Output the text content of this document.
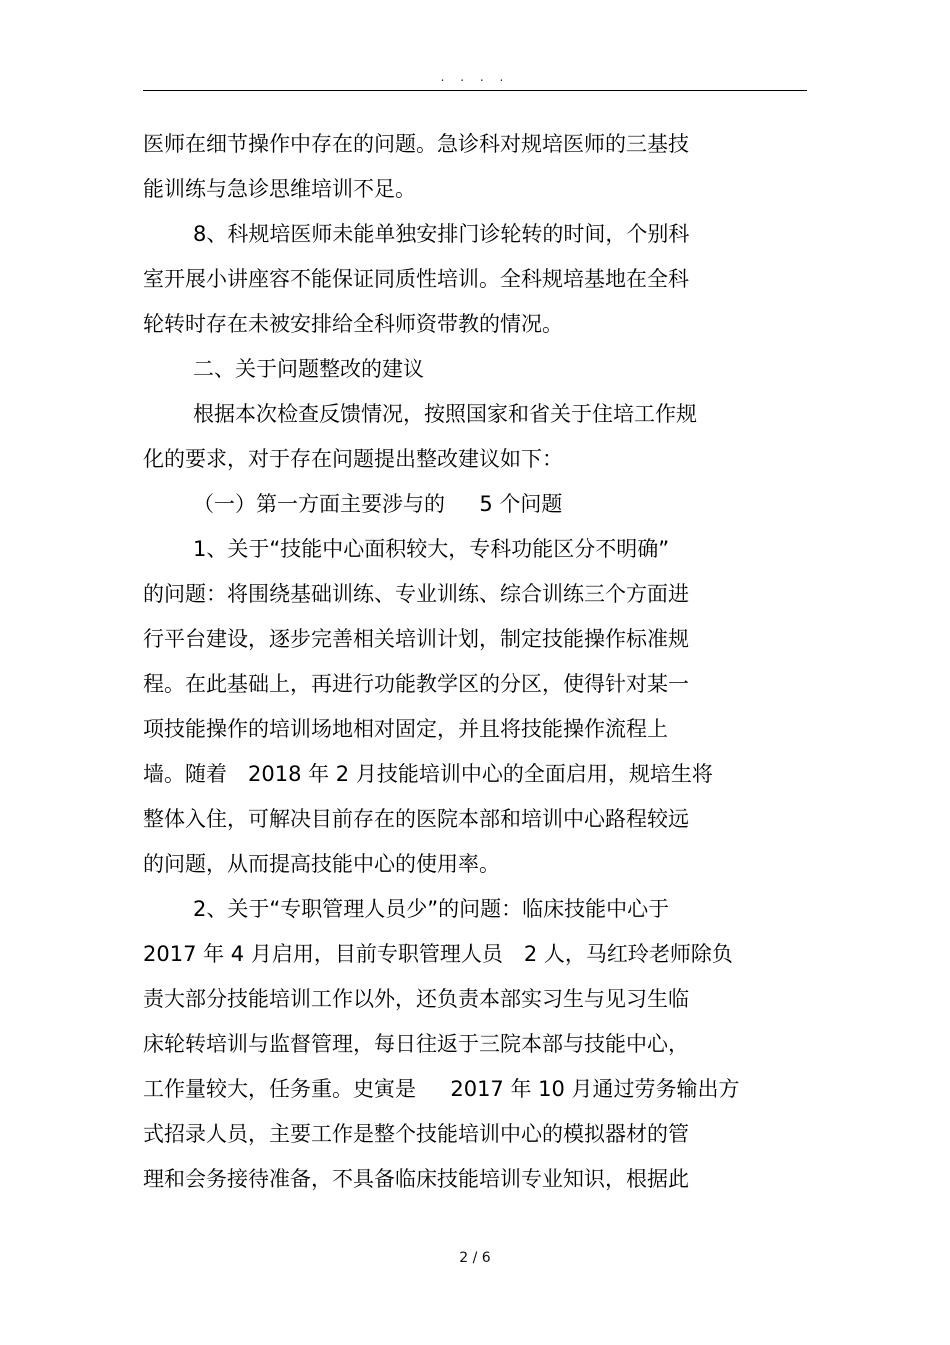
. . . .
医师在细节操作中存在的问题。急诊科对规培医师的三基技
能训练与急诊思维培训不足。
8、科规培医师未能单独安排门诊轮转的时间，个别科
室开展小讲座容不能保证同质性培训。全科规培基地在全科
轮转时存在未被安排给全科师资带教的情况。
二、关于问题整改的建议
根据本次检查反馈情况，按照国家和省关于住培工作规
化的要求，对于存在问题提出整改建议如下：
（一）第一方面主要涉与的　  5 个问题
1、关于“技能中心面积较大，专科功能区分不明确”
的问题：将围绕基础训练、专业训练、综合训练三个方面进
行平台建设，逐步完善相关培训计划，制定技能操作标准规
程。在此基础上，再进行功能教学区的分区，使得针对某一
项技能操作的培训场地相对固定，并且将技能操作流程上
墙。随着　2018 年 2 月技能培训中心的全面启用，规培生将
整体入住，可解决目前存在的医院本部和培训中心路程较远
的问题，从而提高技能中心的使用率。
2、关于“专职管理人员少”的问题：临床技能中心于
2017 年 4 月启用，目前专职管理人员　2 人，马红玲老师除负
责大部分技能培训工作以外，还负责本部实习生与见习生临
床轮转培训与监督管理，每日往返于三院本部与技能中心，
工作量较大，任务重。史寅是　  2017 年 10 月通过劳务输出方
式招录人员，主要工作是整个技能培训中心的模拟器材的管
理和会务接待准备，不具备临床技能培训专业知识，根据此
2 / 6
